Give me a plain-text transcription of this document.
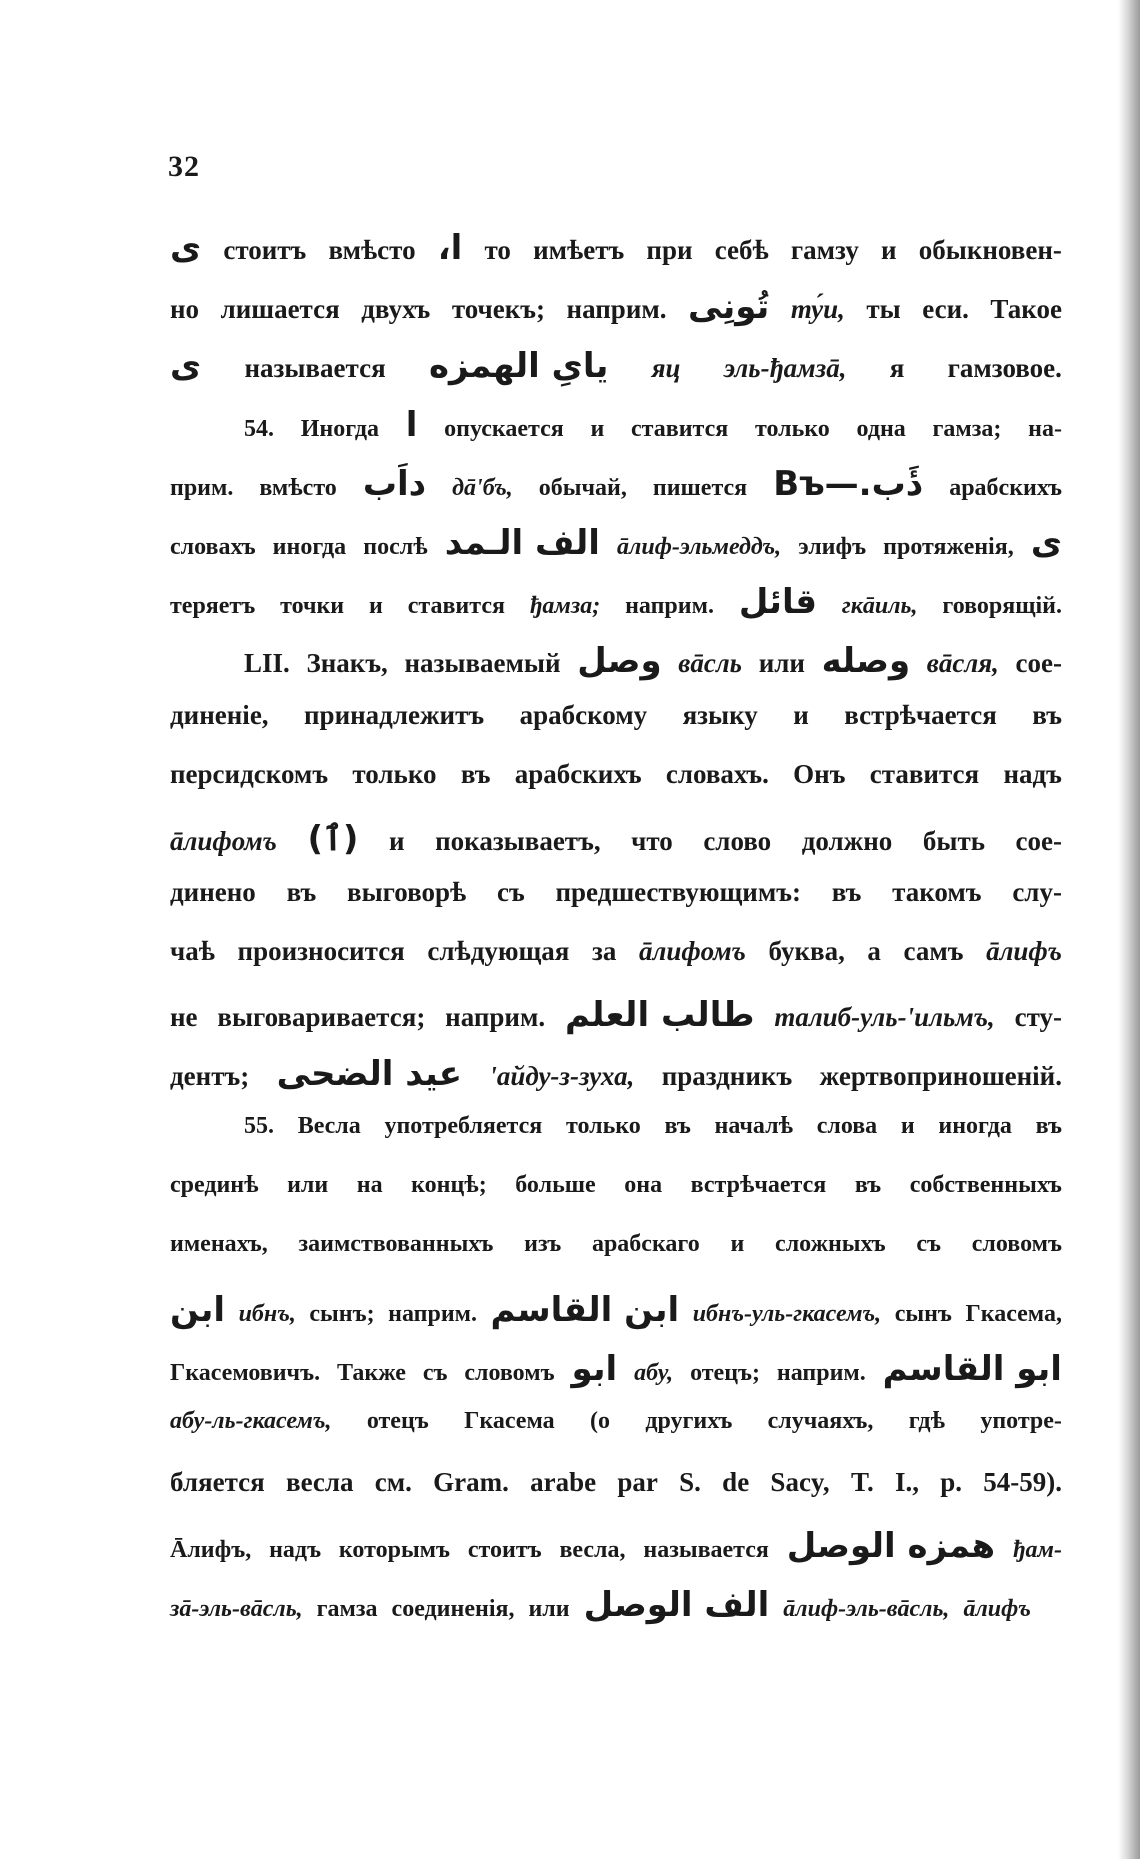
32
ى стоитъ вмѣсто ا، то имѣетъ при себѣ гамзу и обыкновен-
но лишается двухъ точекъ; наприм. تُونِى ту́и, ты еси. Такое
ى называется يایِ الهمزه яц эль-ђамзā, я гамзовое.
54. Иногда ا опускается и ставится только одна гамза; на-
прим. вмѣсто داَب дā'бъ, обычай, пишется دَٔب.—Въ арабскихъ
словахъ иногда послѣ الف الـمد āлиф-эльмеддъ, элифъ протяженія, ى
теряетъ точки и ставится ђамза; наприм. قائل гкāиль, говорящій.
LII. Знакъ, называемый وصل вāсль или وصله вāсля, сое-
диненіе, принадлежитъ арабскому языку и встрѣчается въ
персидскомъ только въ арабскихъ словахъ. Онъ ставится надъ
āлифомъ (ٱ) и показываетъ, что слово должно быть сое-
динено въ выговорѣ съ предшествующимъ: въ такомъ слу-
чаѣ произносится слѣдующая за āлифомъ буква, а самъ āлифъ
не выговаривается; наприм. طالب العلم талиб-уль-'ильмъ, сту-
дентъ; عيد الضحى 'айду-з-зуха, праздникъ жертвоприношеній.
55. Весла употребляется только въ началѣ слова и иногда въ
срединѣ или на концѣ; больше она встрѣчается въ собственныхъ
именахъ, заимствованныхъ изъ арабскаго и сложныхъ съ словомъ
ابن ибнъ, сынъ; наприм. ابن القاسم ибнъ-уль-гкасемъ, сынъ Гкасема,
Гкасемовичъ. Также съ словомъ ابو абу, отецъ; наприм. ابو القاسم
абу-ль-гкасемъ, отецъ Гкасема (о другихъ случаяхъ, гдѣ употре-
бляется весла см. Gram. arabe par S. de Sacy, T. I., p. 54-59).
Āлифъ, надъ которымъ стоитъ весла, называется همزه الوصل ђам-
зā-эль-вāсль, гамза соединенія, или الف الوصل āлиф-эль-вāсль, āлифъ
